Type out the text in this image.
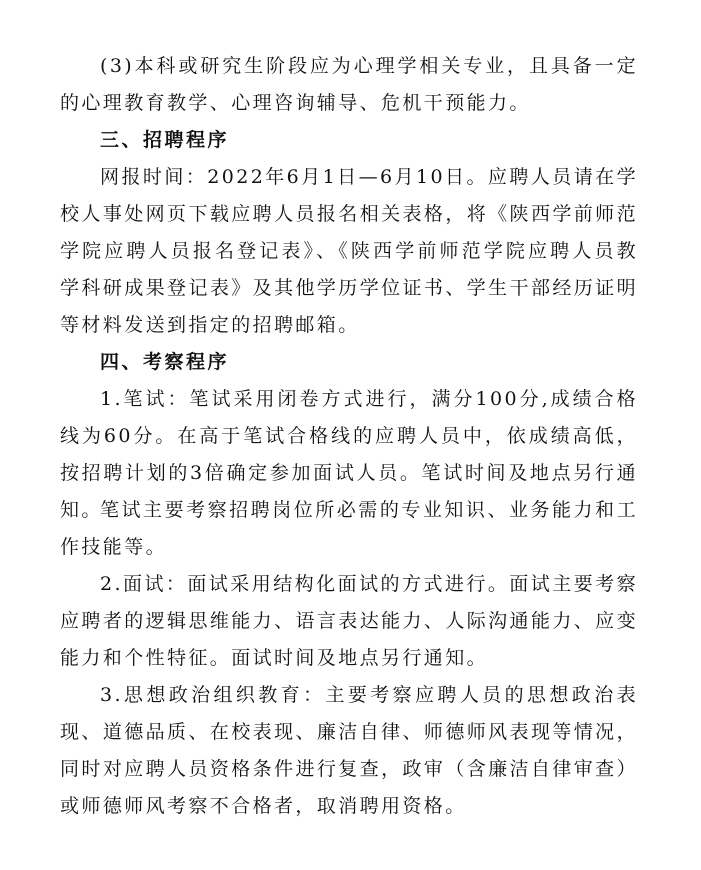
(3)本科或研究生阶段应为心理学相关专业，且具备一定的心理教育教学、心理咨询辅导、危机干预能力。

三、招聘程序

网报时间：2022年6月1日—6月10日。应聘人员请在学校人事处网页下载应聘人员报名相关表格，将《陕西学前师范学院应聘人员报名登记表》、《陕西学前师范学院应聘人员教学科研成果登记表》及其他学历学位证书、学生干部经历证明等材料发送到指定的招聘邮箱。

四、考察程序

1.笔试：笔试采用闭卷方式进行，满分100分,成绩合格线为60分。在高于笔试合格线的应聘人员中，依成绩高低，按招聘计划的3倍确定参加面试人员。笔试时间及地点另行通知。

笔试主要考察招聘岗位所必需的专业知识、业务能力和工作技能等。

2.面试：面试采用结构化面试的方式进行。面试主要考察应聘者的逻辑思维能力、语言表达能力、人际沟通能力、应变能力和个性特征。面试时间及地点另行通知。

3.思想政治组织教育：主要考察应聘人员的思想政治表现、道德品质、在校表现、廉洁自律、师德师风表现等情况，同时对应聘人员资格条件进行复查，政审（含廉洁自律审查）或师德师风考察不合格者，取消聘用资格。
